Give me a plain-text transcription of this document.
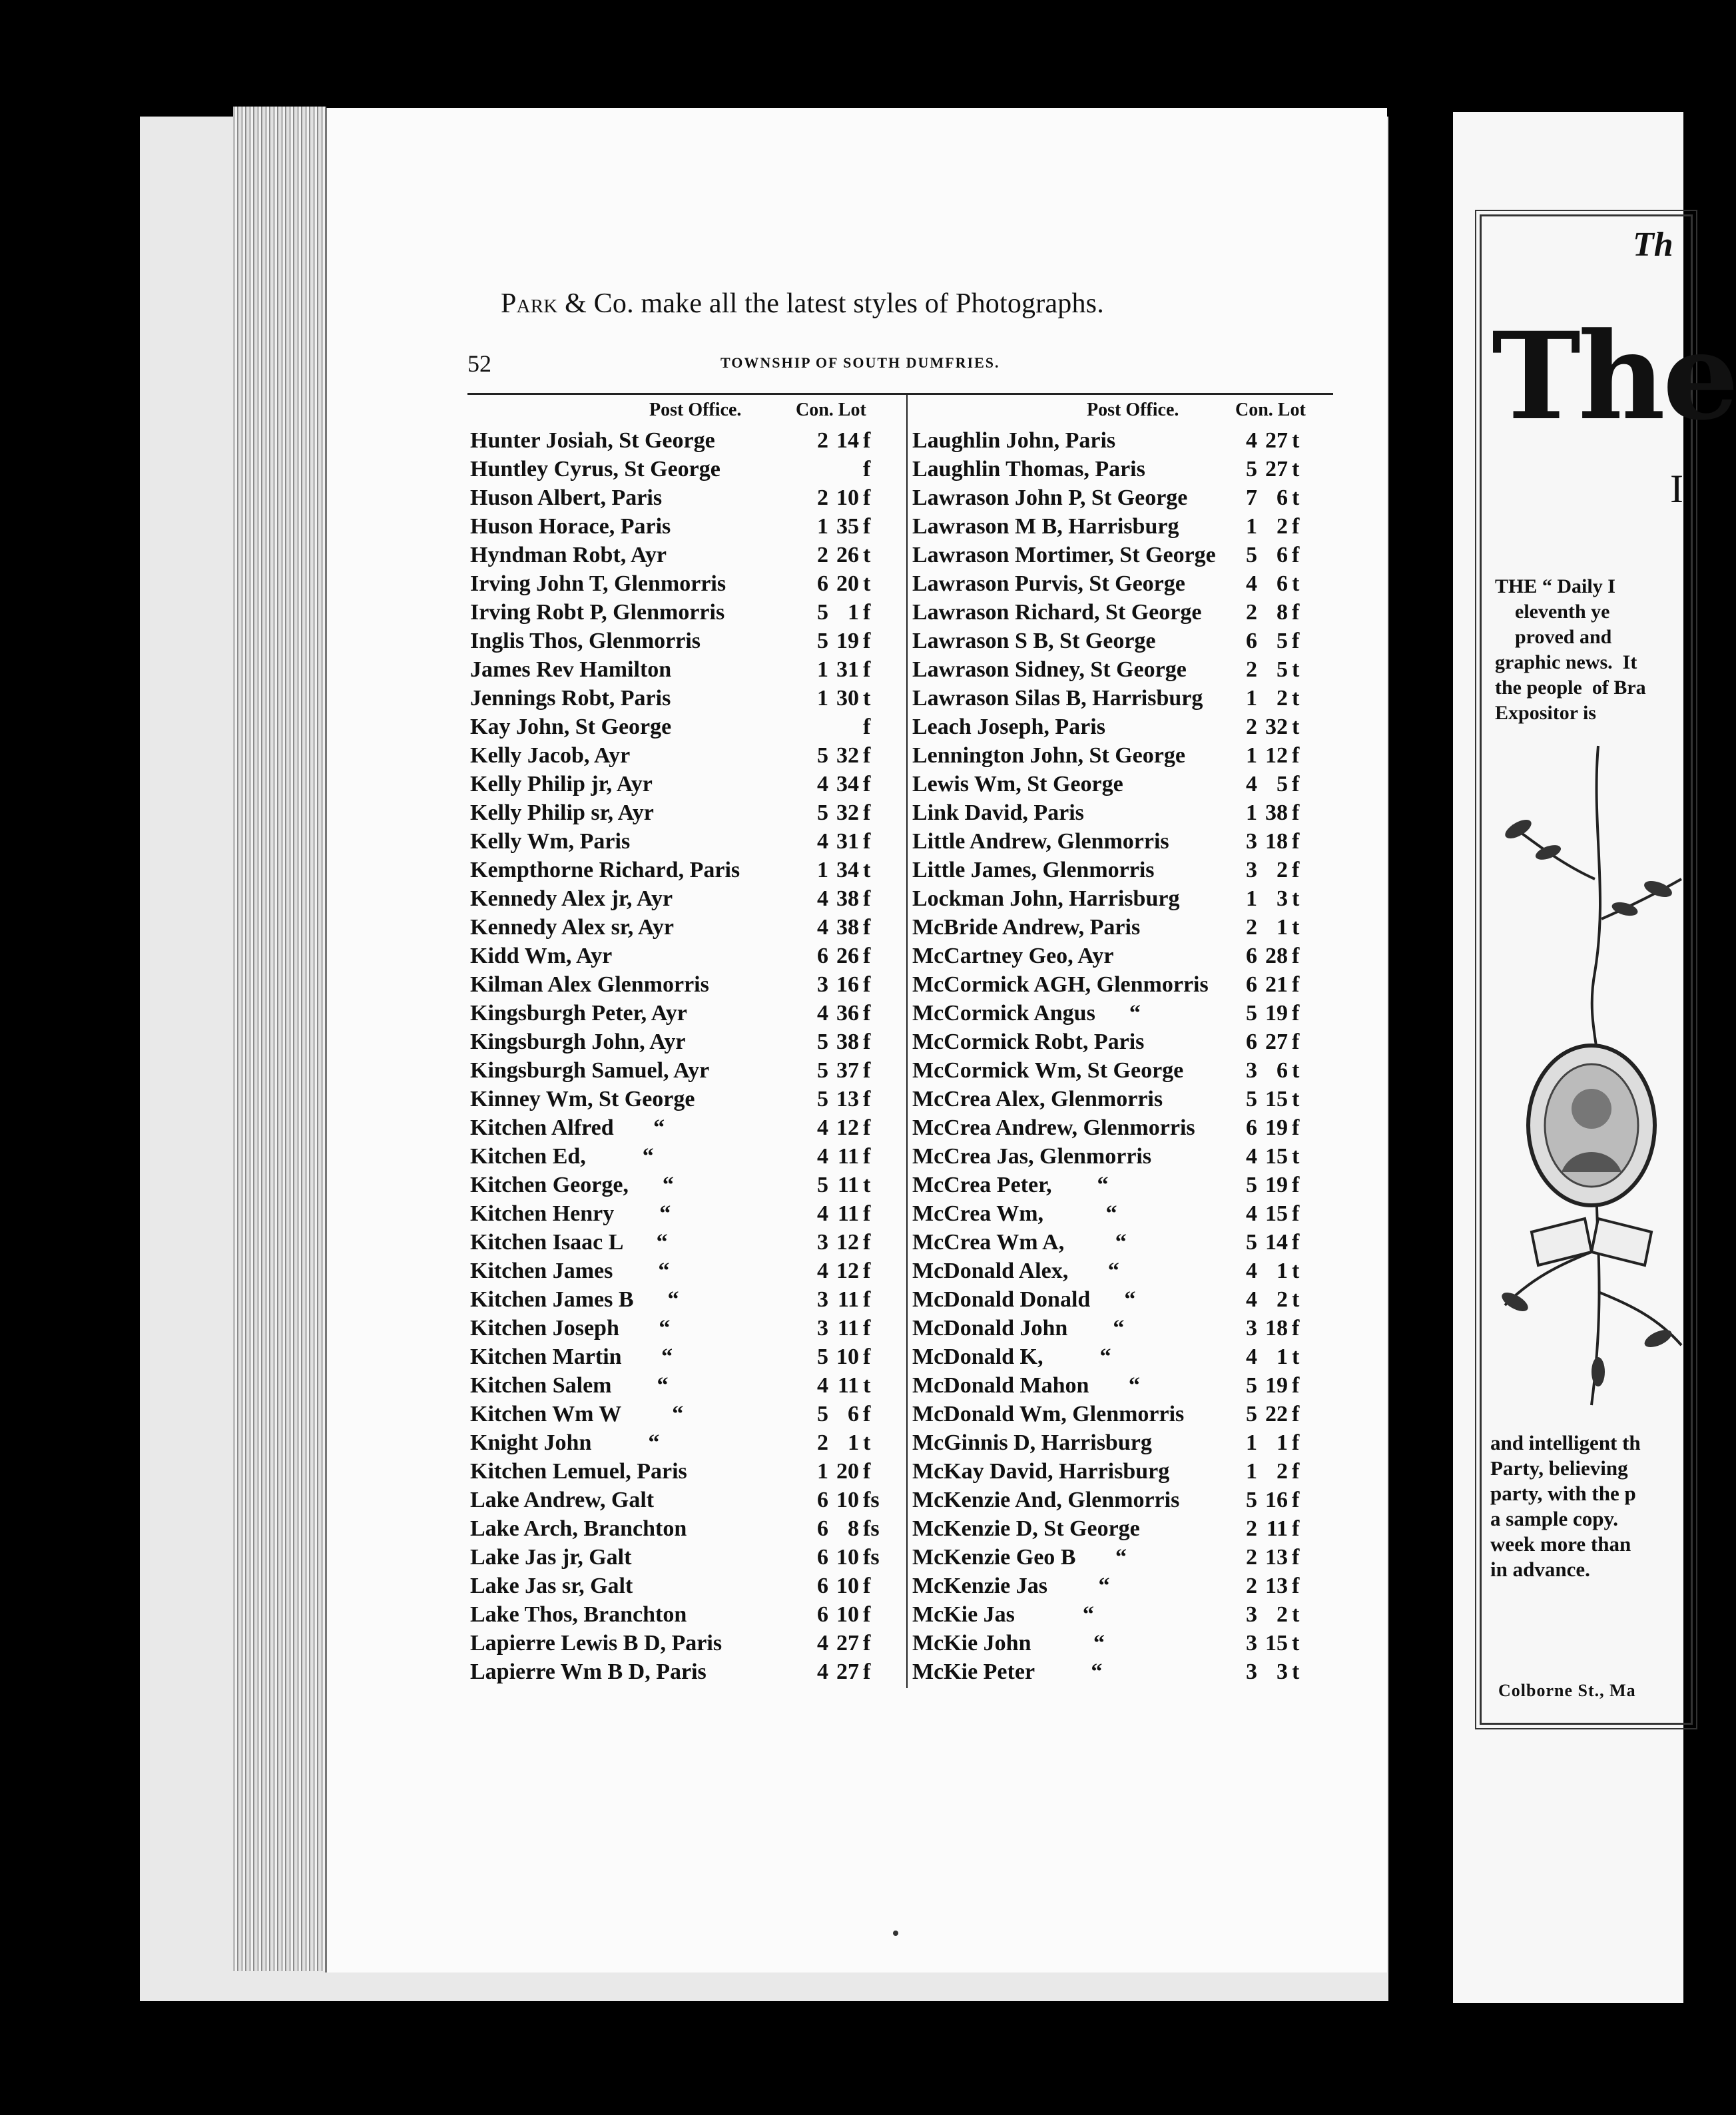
Park & Co. make all the latest styles of Photographs.
52	TOWNSHIP OF SOUTH DUMFRIES.
Post Office.	Con. Lot	Post Office.	Con. Lot
Hunter Josiah, St George	2 14 f
Huntley Cyrus, St George	f
Huson Albert, Paris	2 10 f
Huson Horace, Paris	1 35 f
Hyndman Robt, Ayr	2 26 t
Irving John T, Glenmorris	6 20 t
Irving Robt P, Glenmorris	5 1 f
Inglis Thos, Glenmorris	5 19 f
James Rev Hamilton	1 31 f
Jennings Robt, Paris	1 30 t
Kay John, St George	f
Kelly Jacob, Ayr	5 32 f
Kelly Philip jr, Ayr	4 34 f
Kelly Philip sr, Ayr	5 32 f
Kelly Wm, Paris	4 31 f
Kempthorne Richard, Paris	1 34 t
Kennedy Alex jr, Ayr	4 38 f
Kennedy Alex sr, Ayr	4 38 f
Kidd Wm, Ayr	6 26 f
Kilman Alex Glenmorris	3 16 f
Kingsburgh Peter, Ayr	4 36 f
Kingsburgh John, Ayr	5 38 f
Kingsburgh Samuel, Ayr	5 37 f
Kinney Wm, St George	5 13 f
Kitchen Alfred       “	4 12 f
Kitchen Ed,          “	4 11 f
Kitchen George,      “	5 11 t
Kitchen Henry        “	4 11 f
Kitchen Isaac L      “	3 12 f
Kitchen James        “	4 12 f
Kitchen James B      “	3 11 f
Kitchen Joseph       “	3 11 f
Kitchen Martin       “	5 10 f
Kitchen Salem        “	4 11 t
Kitchen Wm W         “	5 6 f
Knight John          “	2 1 t
Kitchen Lemuel, Paris	1 20 f
Lake Andrew, Galt	6 10 fs
Lake Arch, Branchton	6 8 fs
Lake Jas jr, Galt	6 10 fs
Lake Jas sr, Galt	6 10 f
Lake Thos, Branchton	6 10 f
Lapierre Lewis B D, Paris	4 27 f
Lapierre Wm B D, Paris	4 27 f
Laughlin John, Paris	4 27 t
Laughlin Thomas, Paris	5 27 t
Lawrason John P, St George	7 6 t
Lawrason M B, Harrisburg	1 2 f
Lawrason Mortimer, St George	5 6 f
Lawrason Purvis, St George	4 6 t
Lawrason Richard, St George	2 8 f
Lawrason S B, St George	6 5 f
Lawrason Sidney, St George	2 5 t
Lawrason Silas B, Harrisburg	1 2 t
Leach Joseph, Paris	2 32 t
Lennington John, St George	1 12 f
Lewis Wm, St George	4 5 f
Link David, Paris	1 38 f
Little Andrew, Glenmorris	3 18 f
Little James, Glenmorris	3 2 f
Lockman John, Harrisburg	1 3 t
McBride Andrew, Paris	2 1 t
McCartney Geo, Ayr	6 28 f
McCormick AGH, Glenmorris	6 21 f
McCormick Angus      “	5 19 f
McCormick Robt, Paris	6 27 f
McCormick Wm, St George	3 6 t
McCrea Alex, Glenmorris	5 15 t
McCrea Andrew, Glenmorris	6 19 f
McCrea Jas, Glenmorris	4 15 t
McCrea Peter,        “	5 19 f
McCrea Wm,           “	4 15 f
McCrea Wm A,         “	5 14 f
McDonald Alex,       “	4 1 t
McDonald Donald      “	4 2 t
McDonald John        “	3 18 f
McDonald K,          “	4 1 t
McDonald Mahon       “	5 19 f
McDonald Wm, Glenmorris	5 22 f
McGinnis D, Harrisburg	1 1 f
McKay David, Harrisburg	1 2 f
McKenzie And, Glenmorris	5 16 f
McKenzie D, St George	2 11 f
McKenzie Geo B       “	2 13 f
McKenzie Jas         “	2 13 f
McKie Jas            “	3 2 t
McKie John           “	3 15 t
McKie Peter          “	3 3 t
Th
The
I
THE “ Daily I
eleventh ye
proved and
graphic news.  It
the people  of Bra
Expositor is
and intelligent th
Party, believing
party, with the p
a sample copy.
week more than
in advance.
Colborne St., Ma
